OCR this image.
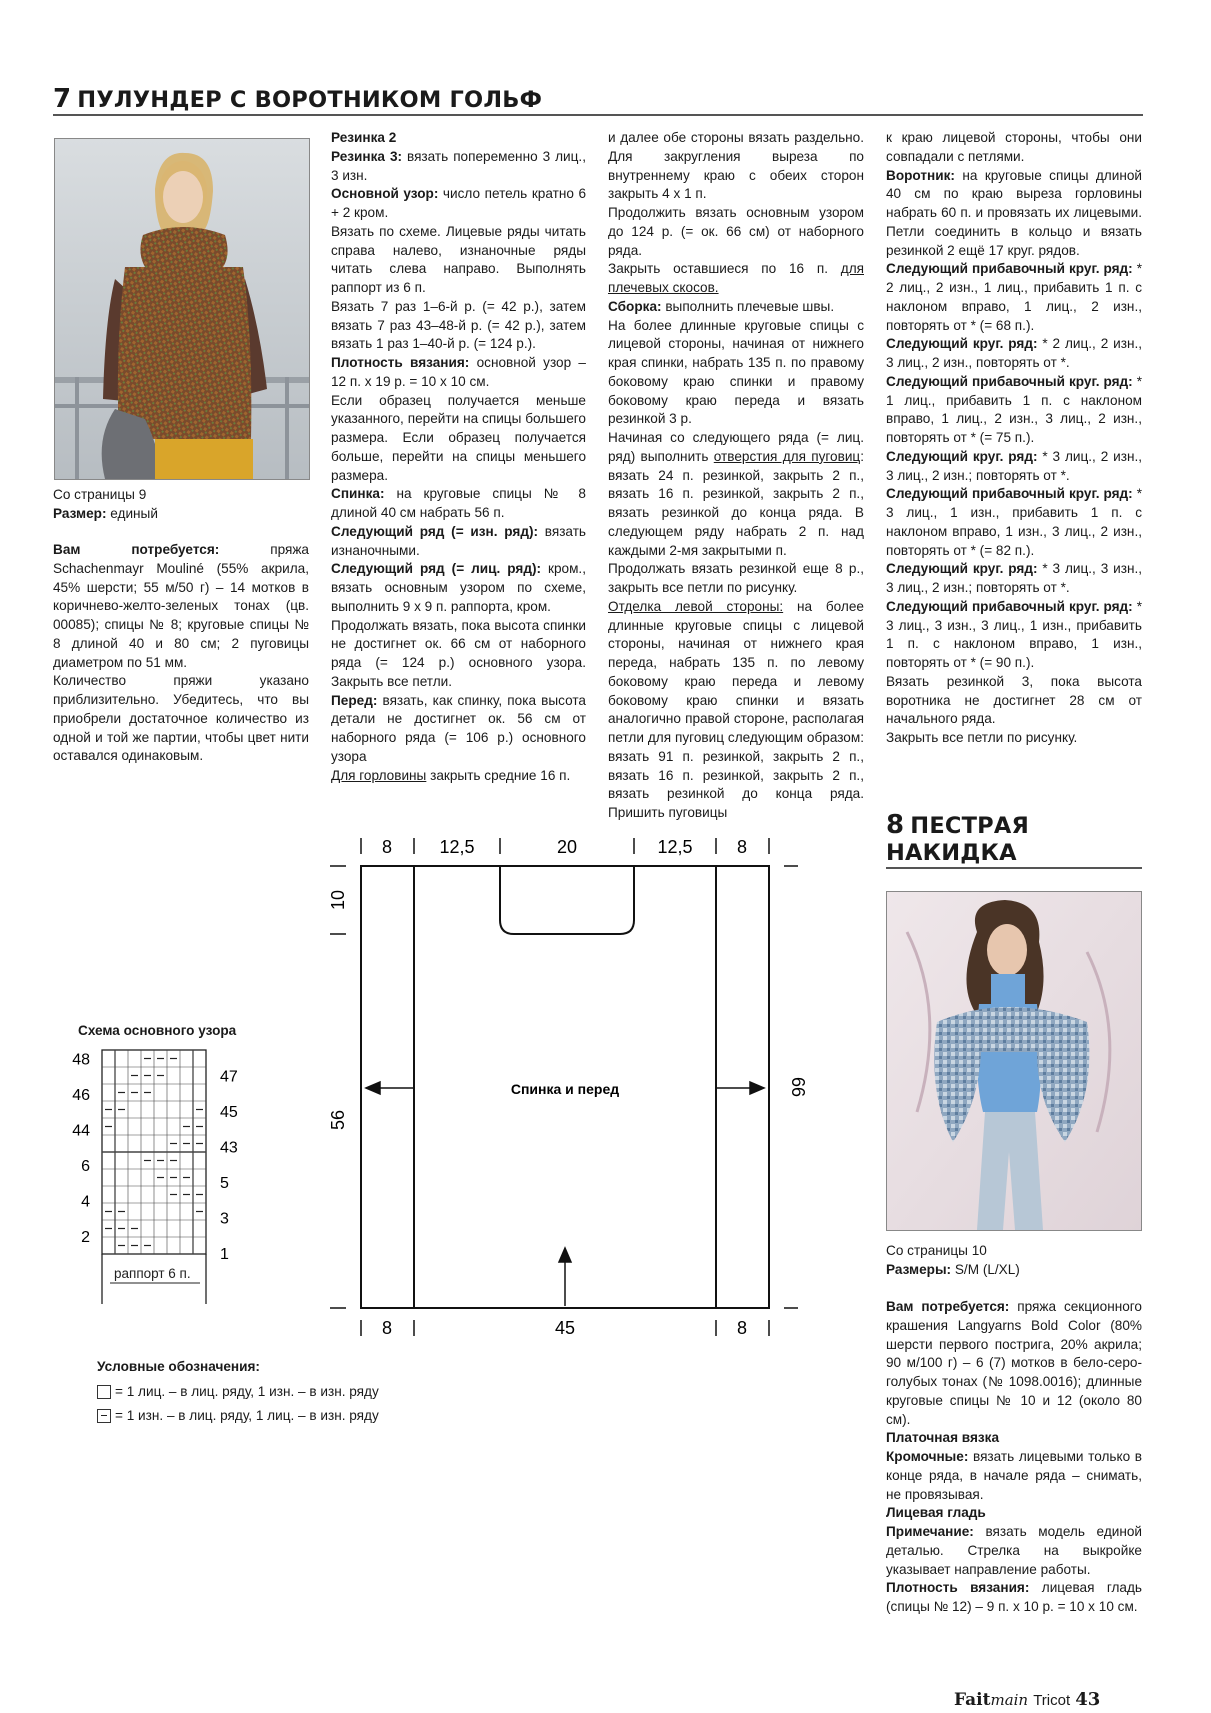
7 ПУЛУНДЕР С ВОРОТНИКОМ ГОЛЬФ
Со страницы 9
Размер: единый

Вам потребуется: пряжа Schachenmayr Mouliné (55% акрила, 45% шерсти; 55 м/50 г) – 14 мотков в коричнево-желто-зеленых тонах (цв. 00085); спицы № 8; круговые спицы № 8 длиной 40 и 80 см; 2 пуговицы диаметром по 51 мм.

Количество пряжи указано приблизительно. Убедитесь, что вы приобрели достаточное количество из одной и той же партии, чтобы цвет нити оставался одинаковым.

Резинка 2

Резинка 3: вязать попеременно 3 лиц., 3 изн.

Основной узор: число петель кратно 6 + 2 кром.

Вязать по схеме. Лицевые ряды читать справа налево, изнаночные ряды читать слева направо. Выполнять раппорт из 6 п.

Вязать 7 раз 1–6-й р. (= 42 р.), затем вязать 7 раз 43–48-й р. (= 42 р.), затем вязать 1 раз 1–40-й р. (= 124 р.).

Плотность вязания: основной узор – 12 п. х 19 р. = 10 х 10 см.

Если образец получается меньше указанного, перейти на спицы большего размера. Если образец получается больше, перейти на спицы меньшего размера.

Спинка: на круговые спицы № 8 длиной 40 см набрать 56 п.

Следующий ряд (= изн. ряд): вязать изнаночными.

Следующий ряд (= лиц. ряд): кром., вязать основным узором по схеме, выполнить 9 х 9 п. раппорта, кром.

Продолжать вязать, пока высота спинки не достигнет ок. 66 см от наборного ряда (= 124 р.) основного узора. Закрыть все петли.

Перед: вязать, как спинку, пока высота детали не достигнет ок. 56 см от наборного ряда (= 106 р.) основного узора

Для горловины закрыть средние 16 п.

и далее обе стороны вязать раздельно. Для закругления выреза по внутреннему краю с обеих сторон закрыть 4 х 1 п.

Продолжить вязать основным узором до 124 р. (= ок. 66 см) от наборного ряда.

Закрыть оставшиеся по 16 п. для плечевых скосов.

Сборка: выполнить плечевые швы.

На более длинные круговые спицы с лицевой стороны, начиная от нижнего края спинки, набрать 135 п. по правому боковому краю спинки и правому боковому краю переда и вязать резинкой 3 р.

Начиная со следующего ряда (= лиц. ряд) выполнить отверстия для пуговиц: вязать 24 п. резинкой, закрыть 2 п., вязать 16 п. резинкой, закрыть 2 п., вязать резинкой до конца ряда. В следующем ряду набрать 2 п. над каждыми 2-мя закрытыми п.

Продолжать вязать резинкой еще 8 р., закрыть все петли по рисунку.

Отделка левой стороны: на более длинные круговые спицы с лицевой стороны, начиная от нижнего края переда, набрать 135 п. по левому боковому краю переда и левому боковому краю спинки и вязать аналогично правой стороне, располагая петли для пуговиц следующим образом: вязать 91 п. резинкой, закрыть 2 п., вязать 16 п. резинкой, закрыть 2 п., вязать резинкой до конца ряда. Пришить пуговицы

к краю лицевой стороны, чтобы они совпадали с петлями.

Воротник: на круговые спицы длиной 40 см по краю выреза горловины набрать 60 п. и провязать их лицевыми. Петли соединить в кольцо и вязать резинкой 2 ещё 17 круг. рядов.

Следующий прибавочный круг. ряд: * 2 лиц., 2 изн., 1 лиц., прибавить 1 п. с наклоном вправо, 1 лиц., 2 изн., повторять от * (= 68 п.).

Следующий круг. ряд: * 2 лиц., 2 изн., 3 лиц., 2 изн., повторять от *.

Следующий прибавочный круг. ряд: * 1 лиц., прибавить 1 п. с наклоном вправо, 1 лиц., 2 изн., 3 лиц., 2 изн., повторять от * (= 75 п.).

Следующий круг. ряд: * 3 лиц., 2 изн., 3 лиц., 2 изн.; повторять от *.

Следующий прибавочный круг. ряд: * 3 лиц., 1 изн., прибавить 1 п. с наклоном вправо, 1 изн., 3 лиц., 2 изн., повторять от * (= 82 п.).

Следующий круг. ряд: * 3 лиц., 3 изн., 3 лиц., 2 изн.; повторять от *.

Следующий прибавочный круг. ряд: * 3 лиц., 3 изн., 3 лиц., 1 изн., прибавить 1 п. с наклоном вправо, 1 изн., повторять от * (= 90 п.).

Вязать резинкой 3, пока высота воротника не достигнет 28 см от начального ряда.

Закрыть все петли по рисунку.

Схема основного узора
48
46
44
6
4
2
47
45
43
5
3
1
раппорт 6 п.
Условные обозначения:
= 1 лиц. – в лиц. ряду, 1 изн. – в изн. ряду
= 1 изн. – в лиц. ряду, 1 лиц. – в изн. ряду
8	12,5	20	12,5 8
8	45	8
10
56
66
Спинка и перед
8 ПЕСТРАЯ
НАКИДКА

Со страницы 10

Размеры: S/M (L/XL)

Вам потребуется: пряжа секционного крашения Langyarns Bold Color (80% шерсти первого постригa, 20% акрила; 90 м/100 г) – 6 (7) мотков в бело-серо-голубых тонах (№ 1098.0016); длинные круговые спицы № 10 и 12 (около 80 см).

Платочная вязка

Кромочные: вязать лицевыми только в конце ряда, в начале ряда – снимать, не провязывая.

Лицевая гладь

Примечание: вязать модель единой деталью. Стрелка на выкройке указывает направление работы.

Плотность вязания: лицевая гладь (спицы № 12) – 9 п. х 10 р. = 10 х 10 см.

Faitmain Tricot 43
